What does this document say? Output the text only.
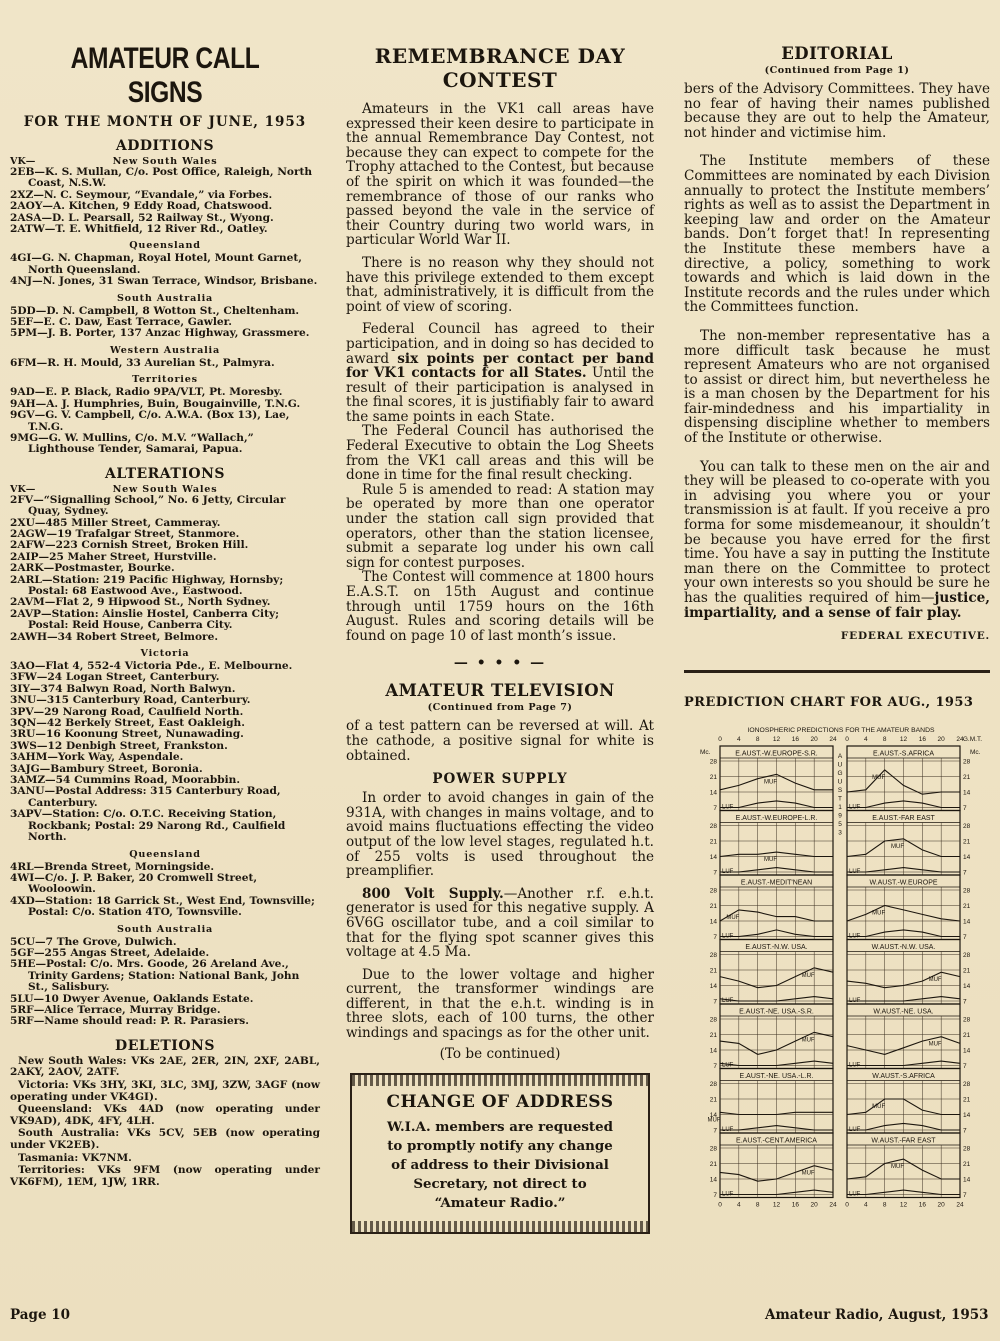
AMATEUR CALL SIGNS
FOR THE MONTH OF JUNE, 1953
ADDITIONS
VK—	New South Wales

2EB—K. S. Mullan, C/o. Post Office, Raleigh, North Coast, N.S.W.

2XZ—N. C. Seymour, “Evandale,” via Forbes.

2AOY—A. Kitchen, 9 Eddy Road, Chatswood.

2ASA—D. L. Pearsall, 52 Railway St., Wyong.

2ATW—T. E. Whitfield, 12 River Rd., Oatley.

Queensland

4GI—G. N. Chapman, Royal Hotel, Mount Garnet, North Queensland.

4NJ—N. Jones, 31 Swan Terrace, Windsor, Brisbane.

South Australia

5DD—D. N. Campbell, 8 Wotton St., Cheltenham.

5EF—E. C. Daw, East Terrace, Gawler.

5PM—J. B. Porter, 137 Anzac Highway, Grassmere.

Western Australia

6FM—R. H. Mould, 33 Aurelian St., Palmyra.

Territories

9AD—E. P. Black, Radio 9PA/VLT, Pt. Moresby.

9AH—A. J. Humphries, Buin, Bougainville, T.N.G.

9GV—G. V. Campbell, C/o. A.W.A. (Box 13), Lae, T.N.G.

9MG—G. W. Mullins, C/o. M.V. “Wallach,” Lighthouse Tender, Samarai, Papua.

ALTERATIONS
VK—	New South Wales

2FV—“Signalling School,” No. 6 Jetty, Circular Quay, Sydney.

2XU—485 Miller Street, Cammeray.

2AGW—19 Trafalgar Street, Stanmore.

2AFW—223 Cornish Street, Broken Hill.

2AIP—25 Maher Street, Hurstville.

2ARK—Postmaster, Bourke.

2ARL—Station: 219 Pacific Highway, Hornsby; Postal: 68 Eastwood Ave., Eastwood.

2AVM—Flat 2, 9 Hipwood St., North Sydney.

2AVP—Station: Ainslie Hostel, Canberra City; Postal: Reid House, Canberra City.

2AWH—34 Robert Street, Belmore.

Victoria

3AO—Flat 4, 552-4 Victoria Pde., E. Melbourne.

3FW—24 Logan Street, Canterbury.

3IY—374 Balwyn Road, North Balwyn.

3NU—315 Canterbury Road, Canterbury.

3PV—29 Narong Road, Caulfield North.

3QN—42 Berkely Street, East Oakleigh.

3RU—16 Koonung Street, Nunawading.

3WS—12 Denbigh Street, Frankston.

3AHM—York Way, Aspendale.

3AJG—Bambury Street, Boronia.

3AMZ—54 Cummins Road, Moorabbin.

3ANU—Postal Address: 315 Canterbury Road, Canterbury.

3APV—Station: C/o. O.T.C. Receiving Station, Rockbank; Postal: 29 Narong Rd., Caulfield North.

Queensland

4RL—Brenda Street, Morningside.

4WI—C/o. J. P. Baker, 20 Cromwell Street, Wooloowin.

4XD—Station: 18 Garrick St., West End, Townsville; Postal: C/o. Station 4TO, Townsville.

South Australia

5CU—7 The Grove, Dulwich.

5GF—255 Angas Street, Adelaide.

5HE—Postal: C/o. Mrs. Goode, 26 Areland Ave., Trinity Gardens; Station: National Bank, John St., Salisbury.

5LU—10 Dwyer Avenue, Oaklands Estate.

5RF—Alice Terrace, Murray Bridge.

5RF—Name should read: P. R. Parasiers.

DELETIONS

New South Wales: VKs 2AE, 2ER, 2IN, 2XF, 2ABL, 2AKY, 2AOV, 2ATF.

Victoria: VKs 3HY, 3KI, 3LC, 3MJ, 3ZW, 3AGF (now operating under VK4GI).

Queensland: VKs 4AD (now operating under VK9AD), 4DK, 4FY, 4LH.

South Australia: VKs 5CV, 5EB (now operating under VK2EB).

Tasmania: VK7NM.

Territories: VKs 9FM (now operating under VK6FM), 1EM, 1JW, 1RR.

REMEMBRANCE DAY
CONTEST

Amateurs in the VK1 call areas have expressed their keen desire to participate in the annual Remembrance Day Contest, not because they can expect to compete for the Trophy attached to the Contest, but because of the spirit on which it was founded—the remembrance of those of our ranks who passed beyond the vale in the service of their Country during two world wars, in particular World War II.

There is no reason why they should not have this privilege extended to them except that, administratively, it is difficult from the point of view of scoring.

Federal Council has agreed to their participation, and in doing so has decided to award six points per contact per band for VK1 contacts for all States. Until the result of their participation is analysed in the final scores, it is justifiably fair to award the same points in each State.

The Federal Council has authorised the Federal Executive to obtain the Log Sheets from the VK1 call areas and this will be done in time for the final result checking.

Rule 5 is amended to read: A station may be operated by more than one operator under the station call sign provided that operators, other than the station licensee, submit a separate log under his own call sign for contest purposes.

The Contest will commence at 1800 hours E.A.S.T. on 15th August and continue through until 1759 hours on the 16th August. Rules and scoring details will be found on page 10 of last month’s issue.

— • • • —
AMATEUR TELEVISION
(Continued from Page 7)

of a test pattern can be reversed at will. At the cathode, a positive signal for white is obtained.

POWER SUPPLY

In order to avoid changes in gain of the 931A, with changes in mains voltage, and to avoid mains fluctuations effecting the video output of the low level stages, regulated h.t. of 255 volts is used throughout the preamplifier.

800 Volt Supply.—Another r.f. e.h.t. generator is used for this negative supply. A 6V6G oscillator tube, and a coil similar to that for the flying spot scanner gives this voltage at 4.5 Ma.

Due to the lower voltage and higher current, the transformer windings are different, in that the e.h.t. winding is in three slots, each of 100 turns, the other windings and spacings as for the other unit.

(To be continued)

CHANGE OF ADDRESS

W.I.A. members are requested to promptly notify any change of address to their Divisional Secretary, not direct to “Amateur Radio.”

EDITORIAL
(Continued from Page 1)

bers of the Advisory Committees. They have no fear of having their names published because they are out to help the Amateur, not hinder and victimise him.

The Institute members of these Committees are nominated by each Division annually to protect the Institute members’ rights as well as to assist the Department in keeping law and order on the Amateur bands. Don’t forget that! In representing the Institute these members have a directive, a policy, something to work towards and which is laid down in the Institute records and the rules under which the Committees function.

The non-member representative has a more difficult task because he must represent Amateurs who are not organised to assist or direct him, but nevertheless he is a man chosen by the Department for his fair-mindedness and his impartiality in dispensing discipline whether to members of the Institute or otherwise.

You can talk to these men on the air and they will be pleased to co-operate with you in advising you where you or your transmission is at fault. If you receive a pro forma for some misdemeanour, it shouldn’t be because you have erred for the first time. You have a say in putting the Institute man there on the Committee to protect your own interests so you should be sure he has the qualities required of him—justice, impartiality, and a sense of fair play.

FEDERAL EXECUTIVE.
PREDICTION CHART FOR AUG., 1953
IONOSPHERIC PREDICTIONS FOR THE AMATEUR BANDS
G.M.T.
Mc.	Mc.
0
0
4
4
8
8
12
12
16
16
20
20
24
24
0
0
4
4
8
8
12
12
16
16
20
20
24
24
A
U
G
U
S
T
1
9
5
3
E.AUST.-W.EUROPE-S.R.
7
14
21
28
MUF
LUF
E.AUST.-S.AFRICA
7
14
21
28
MUF
LUF
E.AUST.-W.EUROPE-L.R.
7
14
21
28
MUF
LUF
E.AUST.-FAR EAST
7
14
21
28
MUF
LUF
E.AUST.-MEDIT'NEAN
7
14
21
28
MUF
LUF
W.AUST.-W.EUROPE
7
14
21
28
MUF
LUF
E.AUST.-N.W. USA.
7
14
21
28
MUF
LUF
W.AUST.-N.W. USA.
7
14
21
28
MUF
LUF
E.AUST.-NE. USA.-S.R.
7
14
21
28
MUF
LUF
W.AUST.-NE. USA.
7
14
21
28
MUF
LUF
E.AUST.-NE. USA.-L.R.
7
14
21
28
MUF
LUF
W.AUST.-S.AFRICA
7
14
21
28
MUF
LUF
E.AUST.-CENT.AMERICA
7
14
21
28
MUF
LUF
W.AUST.-FAR EAST
7
14
21
28
MUF
LUF
Page 10	Amateur Radio, August, 1953
